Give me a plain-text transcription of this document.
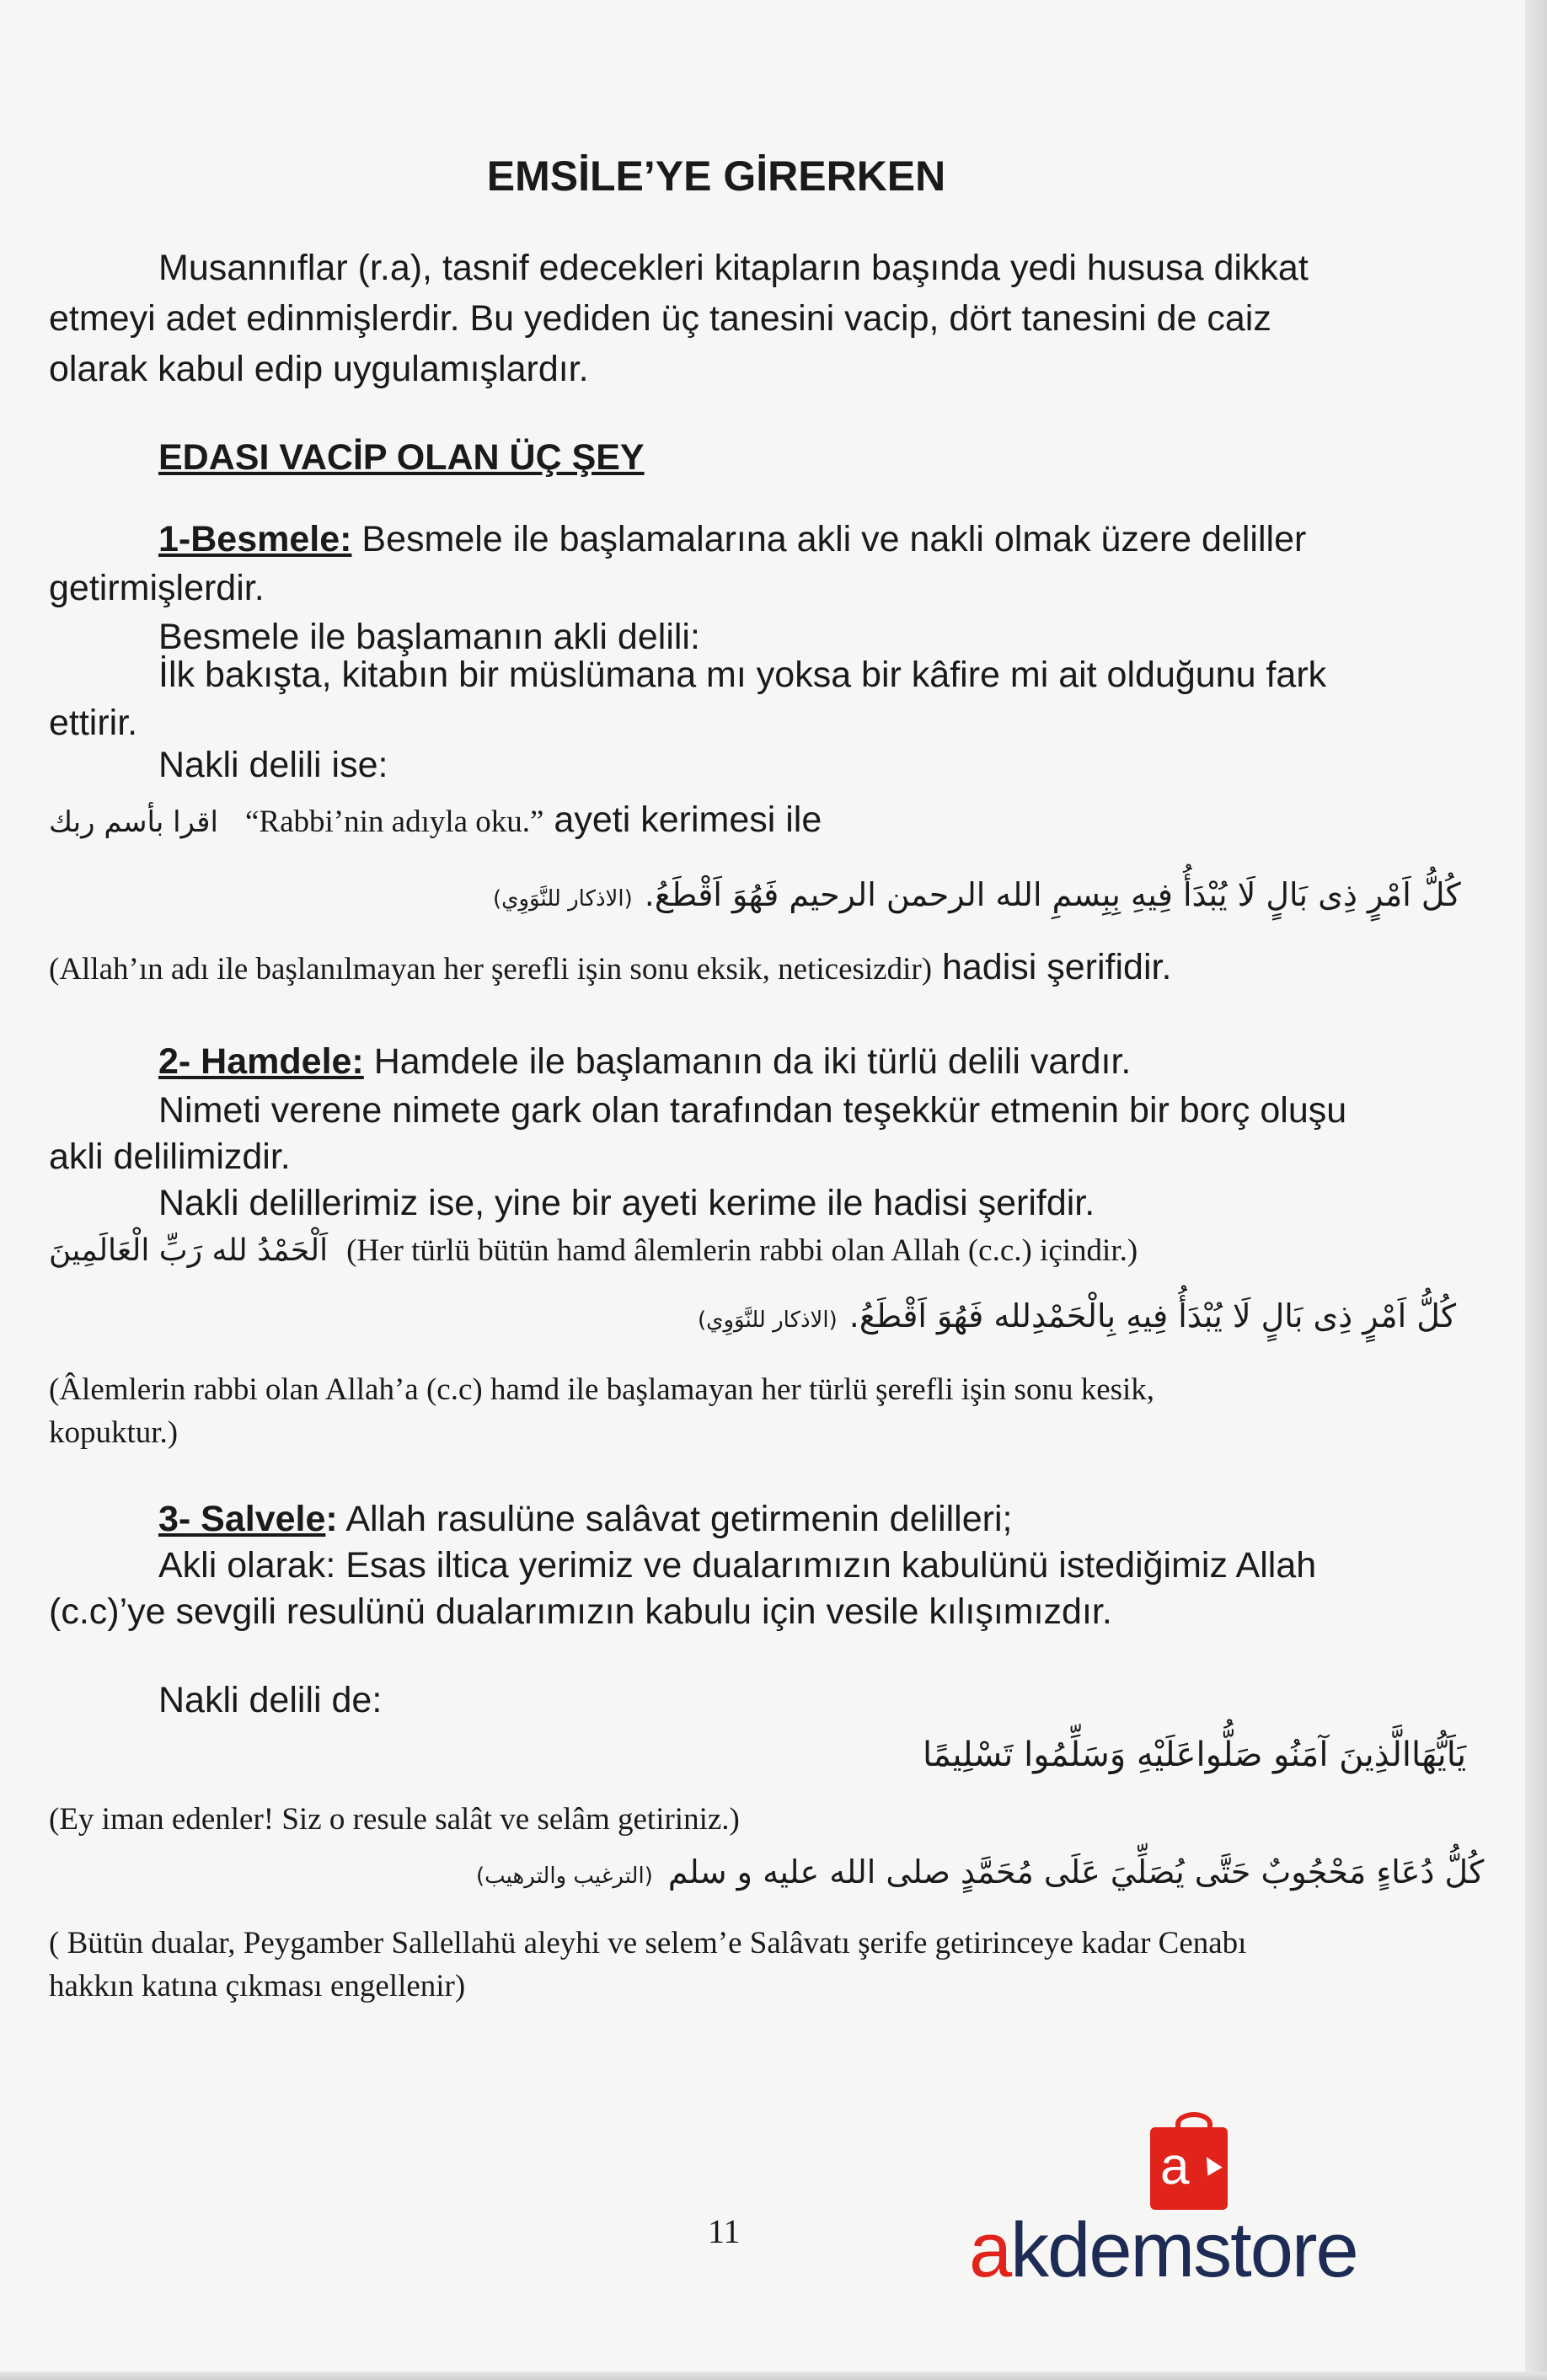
EMSİLE’YE GİRERKEN
Musannıflar (r.a), tasnif edecekleri kitapların başında yedi hususa dikkat
etmeyi adet edinmişlerdir. Bu yediden üç tanesini vacip, dört tanesini de caiz
olarak kabul edip uygulamışlardır.
EDASI VACİP OLAN ÜÇ ŞEY
1-Besmele: Besmele ile başlamalarına akli ve nakli olmak üzere deliller
getirmişlerdir.
Besmele ile başlamanın akli delili:
İlk bakışta, kitabın bir müslümana mı yoksa bir kâfire mi ait olduğunu fark
ettirir.
Nakli delili ise:
اقرا بأسم ربك “Rabbi’nin adıyla oku.” ayeti kerimesi ile
(الاذكار للنَّوَوِي) كُلُّ اَمْرٍ ذِى بَالٍ لَا يُبْدَأُ فِيهِ بِبِسمِ الله الرحمن الرحيم فَهُوَ اَقْطَعُ.
(Allah’ın adı ile başlanılmayan her şerefli işin sonu eksik, neticesizdir) hadisi şerifidir.
2- Hamdele: Hamdele ile başlamanın da iki türlü delili vardır.
Nimeti verene nimete gark olan tarafından teşekkür etmenin bir borç oluşu
akli delilimizdir.
Nakli delillerimiz ise, yine bir ayeti kerime ile hadisi şerifdir.
اَلْحَمْدُ لله رَبِّ الْعَالَمِينَ (Her türlü bütün hamd âlemlerin rabbi olan Allah (c.c.) içindir.)
(الاذكار للنَّوَوِي) كُلُّ اَمْرٍ ذِى بَالٍ لَا يُبْدَأُ فِيهِ بِالْحَمْدِلله فَهُوَ اَقْطَعُ.
(Âlemlerin rabbi olan Allah’a (c.c) hamd ile başlamayan her türlü şerefli işin sonu kesik,
kopuktur.)
3- Salvele: Allah rasulüne salâvat getirmenin delilleri;
Akli olarak: Esas iltica yerimiz ve dualarımızın kabulünü istediğimiz Allah
(c.c)’ye sevgili resulünü dualarımızın kabulu için vesile kılışımızdır.
Nakli delili de:
يَاَيُّهَاالَّذِينَ آمَنُو صَلُّواعَلَيْهِ وَسَلِّمُوا تَسْلِيمًا
(Ey iman edenler! Siz o resule salât ve selâm getiriniz.)
(الترغيب والترهيب) كُلُّ دُعَاءٍ مَحْجُوبٌ حَتَّى يُصَلِّيَ عَلَى مُحَمَّدٍ صلى الله عليه و سلم
( Bütün dualar, Peygamber Sallellahü aleyhi ve selem’e Salâvatı şerife getirinceye kadar Cenabı
hakkın katına çıkması engellenir)
11
a
akdemstore
